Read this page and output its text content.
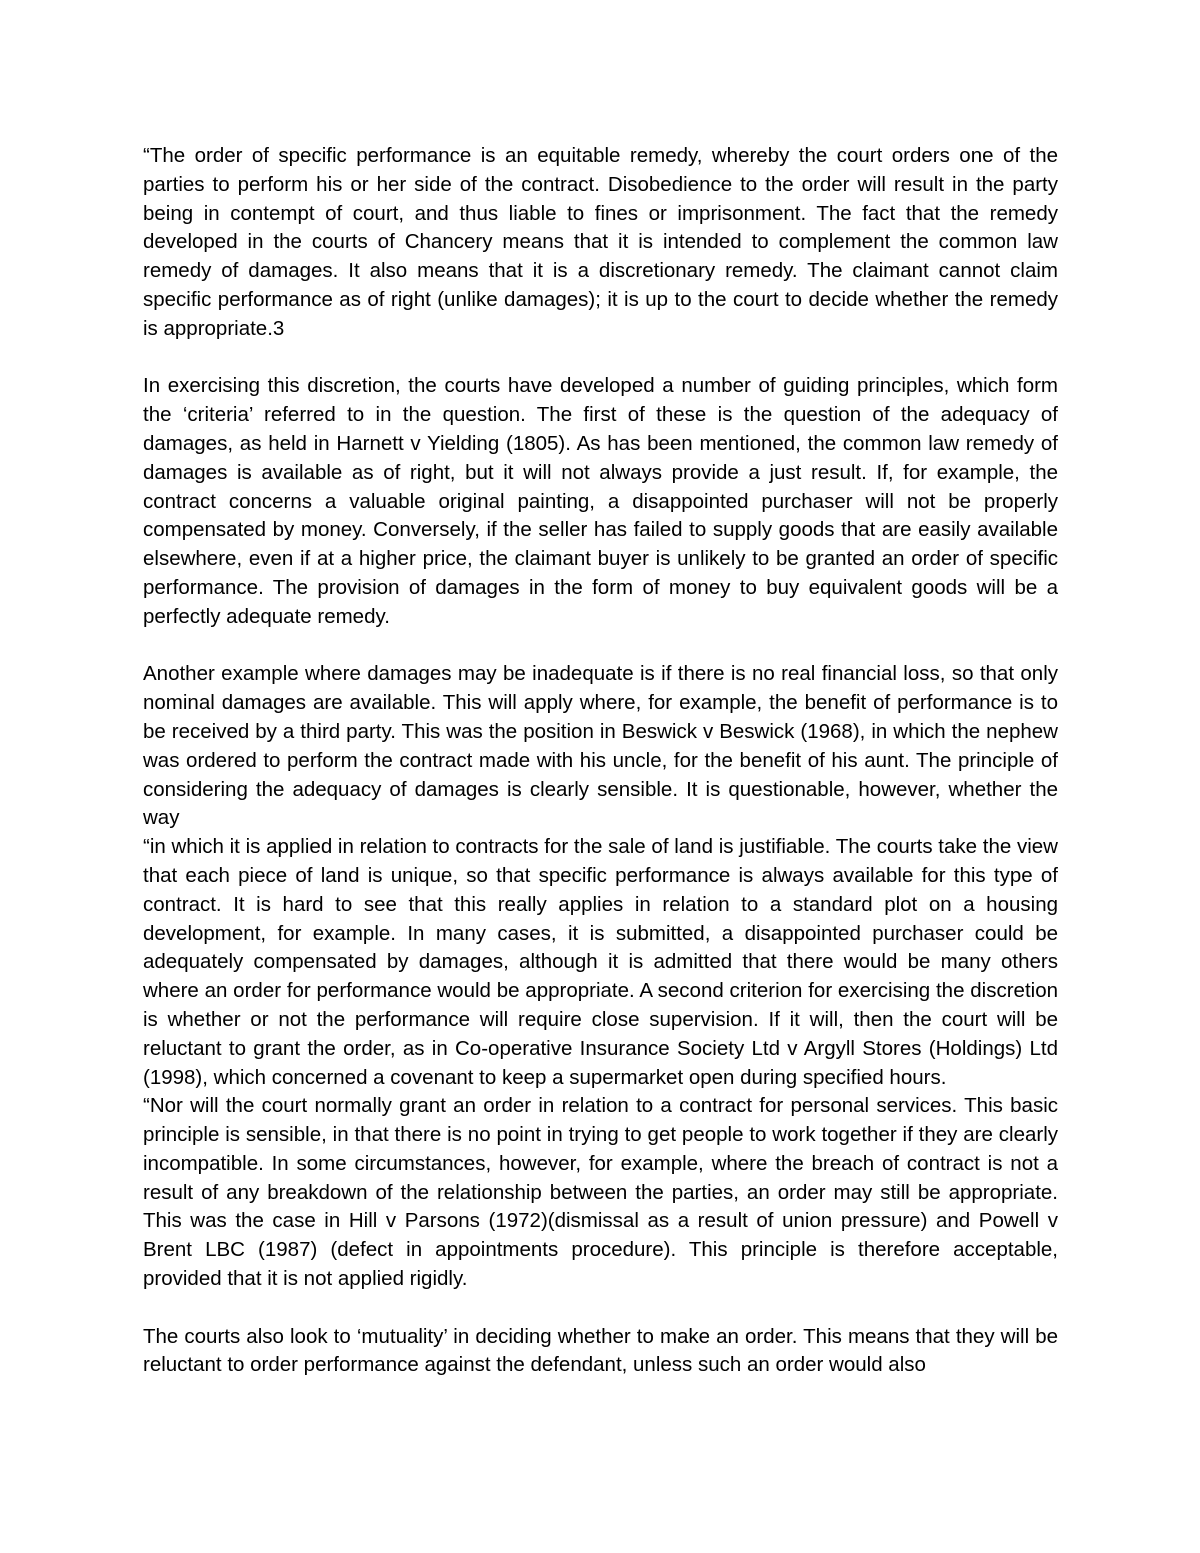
“The order of specific performance is an equitable remedy, whereby the court orders one of the parties to perform his or her side of the contract. Disobedience to the order will result in the party being in contempt of court, and thus liable to fines or imprisonment. The fact that the remedy developed in the courts of Chancery means that it is intended to complement the common law remedy of damages. It also means that it is a discretionary remedy. The claimant cannot claim specific performance as of right (unlike damages); it is up to the court to decide whether the remedy is appropriate.3

In exercising this discretion, the courts have developed a number of guiding principles, which form the ‘criteria’ referred to in the question. The first of these is the question of the adequacy of damages, as held in Harnett v Yielding (1805). As has been mentioned, the common law remedy of damages is available as of right, but it will not always provide a just result. If, for example, the contract concerns a valuable original painting, a disappointed purchaser will not be properly compensated by money. Conversely, if the seller has failed to supply goods that are easily available elsewhere, even if at a higher price, the claimant buyer is unlikely to be granted an order of specific performance. The provision of damages in the form of money to buy equivalent goods will be a perfectly adequate remedy.

Another example where damages may be inadequate is if there is no real financial loss, so that only nominal damages are available. This will apply where, for example, the benefit of performance is to be received by a third party. This was the position in Beswick v Beswick (1968), in which the nephew was ordered to perform the contract made with his uncle, for the benefit of his aunt. The principle of considering the adequacy of damages is clearly sensible. It is questionable, however, whether the way

“in which it is applied in relation to contracts for the sale of land is justifiable. The courts take the view that each piece of land is unique, so that specific performance is always available for this type of contract. It is hard to see that this really applies in relation to a standard plot on a housing development, for example. In many cases, it is submitted, a disappointed purchaser could be adequately compensated by damages, although it is admitted that there would be many others where an order for performance would be appropriate. A second criterion for exercising the discretion is whether or not the performance will require close supervision. If it will, then the court will be reluctant to grant the order, as in Co-operative Insurance Society Ltd v Argyll Stores (Holdings) Ltd (1998), which concerned a covenant to keep a supermarket open during specified hours.

“Nor will the court normally grant an order in relation to a contract for personal services. This basic principle is sensible, in that there is no point in trying to get people to work together if they are clearly incompatible. In some circumstances, however, for example, where the breach of contract is not a result of any breakdown of the relationship between the parties, an order may still be appropriate. This was the case in Hill v Parsons (1972)(dismissal as a result of union pressure) and Powell v Brent LBC (1987) (defect in appointments procedure). This principle is therefore acceptable, provided that it is not applied rigidly.

The courts also look to ‘mutuality’ in deciding whether to make an order. This means that they will be reluctant to order performance against the defendant, unless such an order would also
